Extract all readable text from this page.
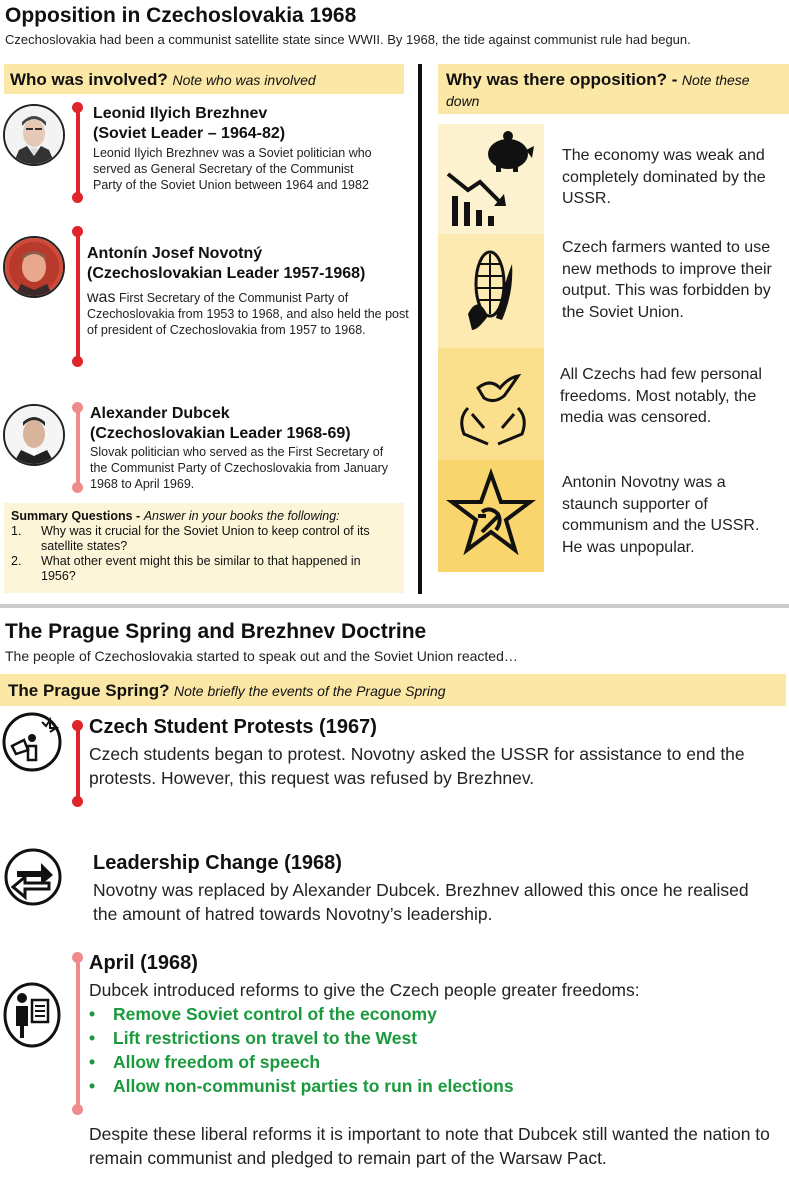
Opposition in Czechoslovakia 1968
Czechoslovakia had been a communist satellite state since WWII. By 1968, the tide against communist rule had begun.
Who was involved? Note who was involved	Why was there opposition? - Note these down
Leonid Ilyich Brezhnev
(Soviet Leader – 1964-82)
Leonid Ilyich Brezhnev was a Soviet politician who served as General Secretary of the Communist Party of the Soviet Union between 1964 and 1982
Antonín Josef Novotný
(Czechoslovakian Leader 1957-1968)
was First Secretary of the Communist Party of Czechoslovakia from 1953 to 1968, and also held the post of president of Czechoslovakia from 1957 to 1968.
Alexander Dubcek
(Czechoslovakian Leader 1968-69)
Slovak politician who served as the First Secretary of the Communist Party of Czechoslovakia from January 1968 to April 1969.
Summary Questions - Answer in your books the following:
1.	Why was it crucial for the Soviet Union to keep control of its satellite states?
2.	What other event might this be similar to that happened in 1956?
The economy was weak and completely dominated by the USSR.
Czech farmers wanted to use new methods to improve their output. This was forbidden by the Soviet Union.
All Czechs had few personal freedoms. Most notably, the media was censored.
Antonin Novotny was a staunch supporter of communism and the USSR. He was unpopular.
The Prague Spring and Brezhnev Doctrine
The people of Czechoslovakia started to speak out and the Soviet Union reacted…
The Prague Spring? Note briefly the events of the Prague Spring
Czech Student Protests (1967)
Czech students began to protest. Novotny asked the USSR for assistance to end the protests. However, this request was refused by Brezhnev.
Leadership Change (1968)
Novotny was replaced by Alexander Dubcek. Brezhnev allowed this once he realised the amount of hatred towards Novotny’s leadership.
April (1968)
Dubcek introduced reforms to give the Czech people greater freedoms:
•	Remove Soviet control of the economy
•	Lift restrictions on travel to the West
•	Allow freedom of speech
•	Allow non-communist parties to run in elections
Despite these liberal reforms it is important to note that Dubcek still wanted the nation to remain communist and pledged to remain part of the Warsaw Pact.
